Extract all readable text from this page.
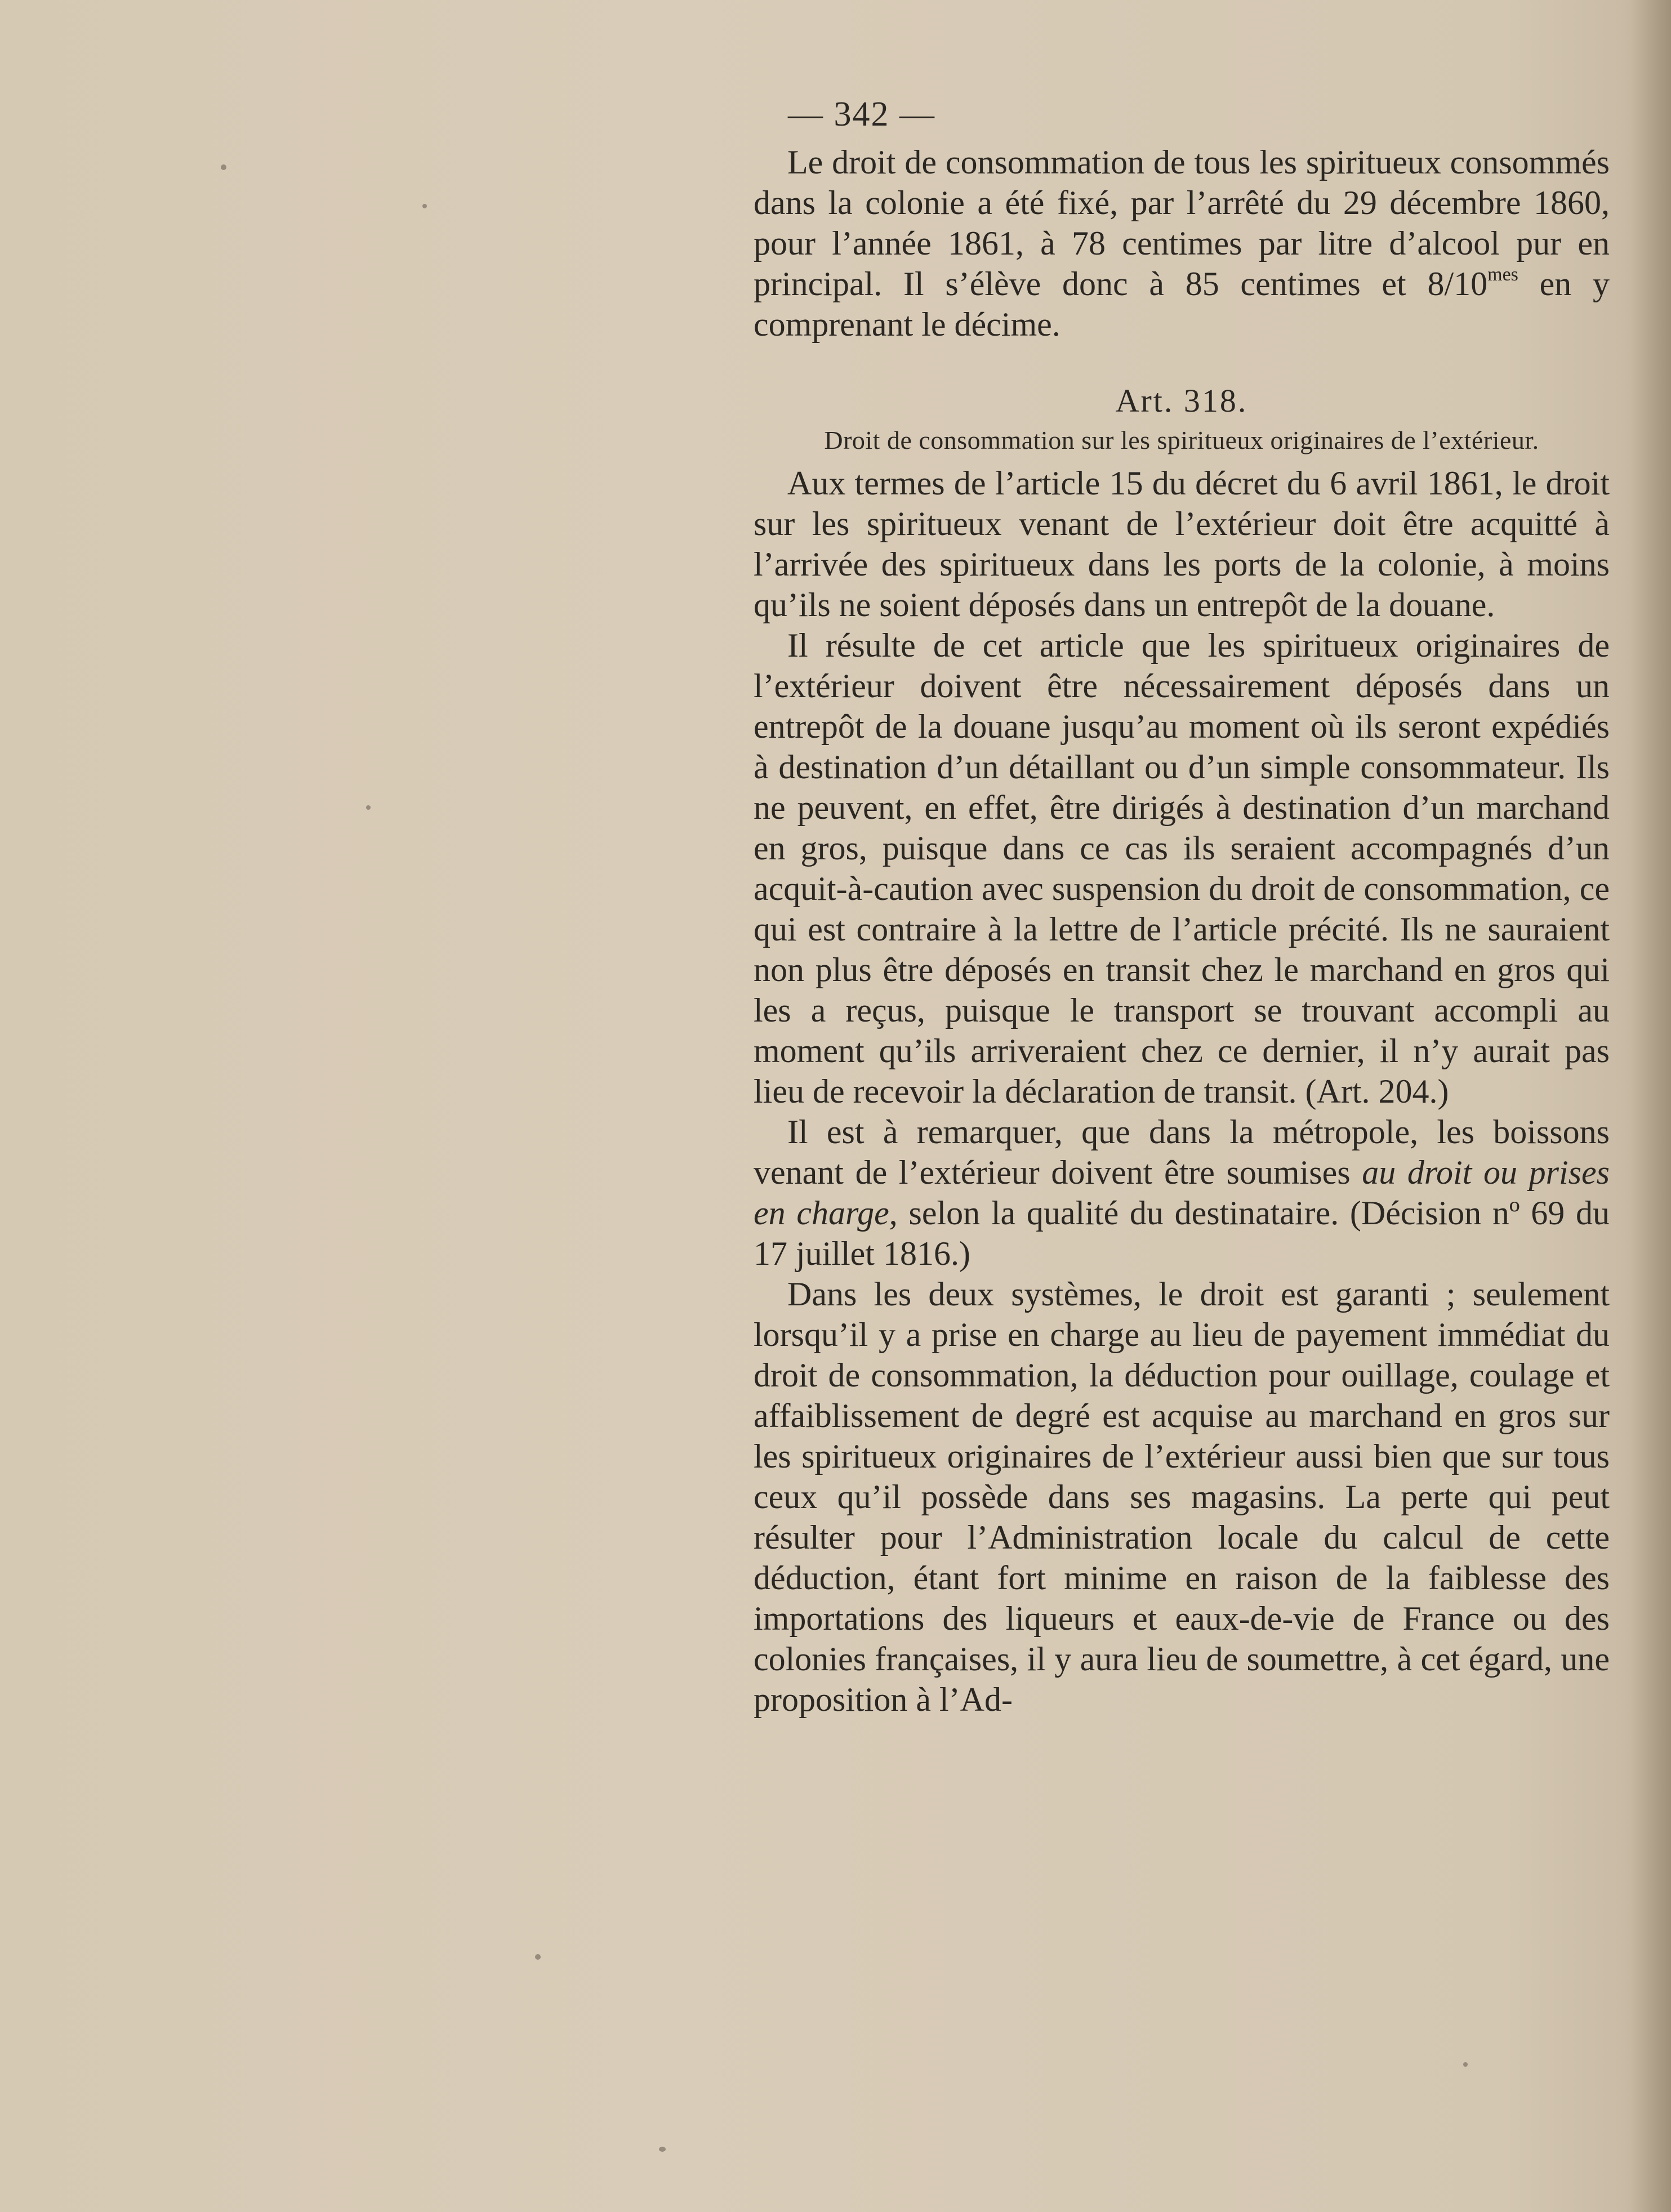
— 342 —

Le droit de consommation de tous les spiritueux consommés dans la colonie a été fixé, par l’arrêté du 29 décembre 1860, pour l’année 1861, à 78 centimes par litre d’alcool pur en principal. Il s’élève donc à 85 centimes et $8/10^{mes}$ en y comprenant le décime.

Art. 318.
Droit de consommation sur les spiritueux originaires de l’extérieur.

Aux termes de l’article 15 du décret du 6 avril 1861, le droit sur les spiritueux venant de l’extérieur doit être acquitté à l’arrivée des spiritueux dans les ports de la colonie, à moins qu’ils ne soient déposés dans un entrepôt de la douane.

Il résulte de cet article que les spiritueux originaires de l’extérieur doivent être nécessairement déposés dans un entrepôt de la douane jusqu’au moment où ils seront expédiés à destination d’un détaillant ou d’un simple consommateur. Ils ne peuvent, en effet, être dirigés à destination d’un marchand en gros, puisque dans ce cas ils seraient accompagnés d’un acquit-à-caution avec suspension du droit de consommation, ce qui est contraire à la lettre de l’article précité. Ils ne sauraient non plus être déposés en transit chez le marchand en gros qui les a reçus, puisque le transport se trouvant accompli au moment qu’ils arriveraient chez ce dernier, il n’y aurait pas lieu de recevoir la déclaration de transit. (Art. 204.)

Il est à remarquer, que dans la métropole, les boissons venant de l’extérieur doivent être soumises au droit ou prises en charge, selon la qualité du destinataire. (Décision nº 69 du 17 juillet 1816.)

Dans les deux systèmes, le droit est garanti ; seulement lorsqu’il y a prise en charge au lieu de payement immédiat du droit de consommation, la déduction pour ouillage, coulage et affaiblissement de degré est acquise au marchand en gros sur les spiritueux originaires de l’extérieur aussi bien que sur tous ceux qu’il possède dans ses magasins. La perte qui peut résulter pour l’Administration locale du calcul de cette déduction, étant fort minime en raison de la faiblesse des importations des liqueurs et eaux-de-vie de France ou des colonies françaises, il y aura lieu de soumettre, à cet égard, une proposition à l’Ad-
